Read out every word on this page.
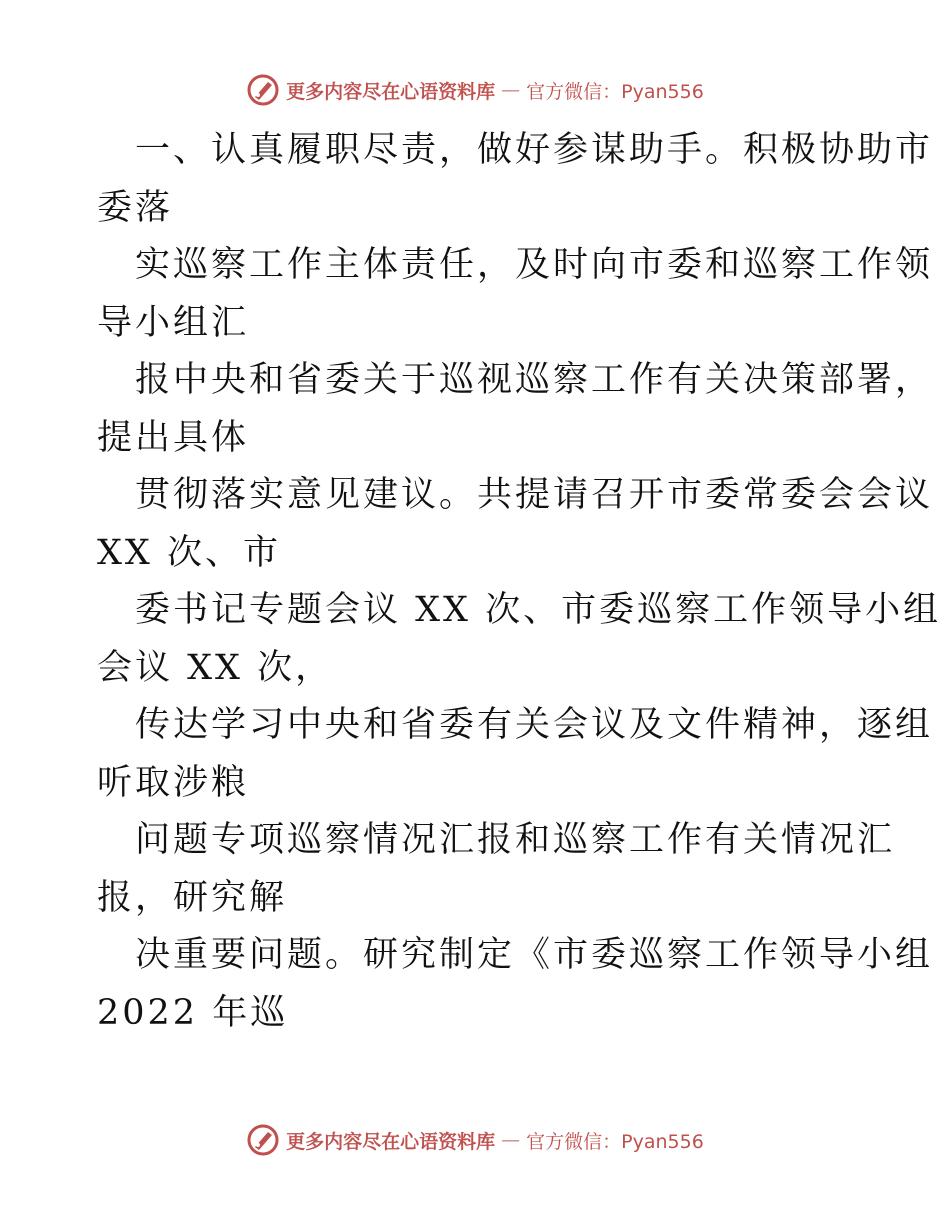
更多内容尽在心语资料库 — 官方微信：Pyan556

一、认真履职尽责，做好参谋助手。积极协助市

委落

实巡察工作主体责任，及时向市委和巡察工作领

导小组汇

报中央和省委关于巡视巡察工作有关决策部署，

提出具体

贯彻落实意见建议。共提请召开市委常委会会议

XX 次、市

委书记专题会议 XX 次、市委巡察工作领导小组

会议 XX 次，

传达学习中央和省委有关会议及文件精神，逐组

听取涉粮

问题专项巡察情况汇报和巡察工作有关情况汇

报，研究解

决重要问题。研究制定《市委巡察工作领导小组

2022 年巡

更多内容尽在心语资料库 — 官方微信：Pyan556
